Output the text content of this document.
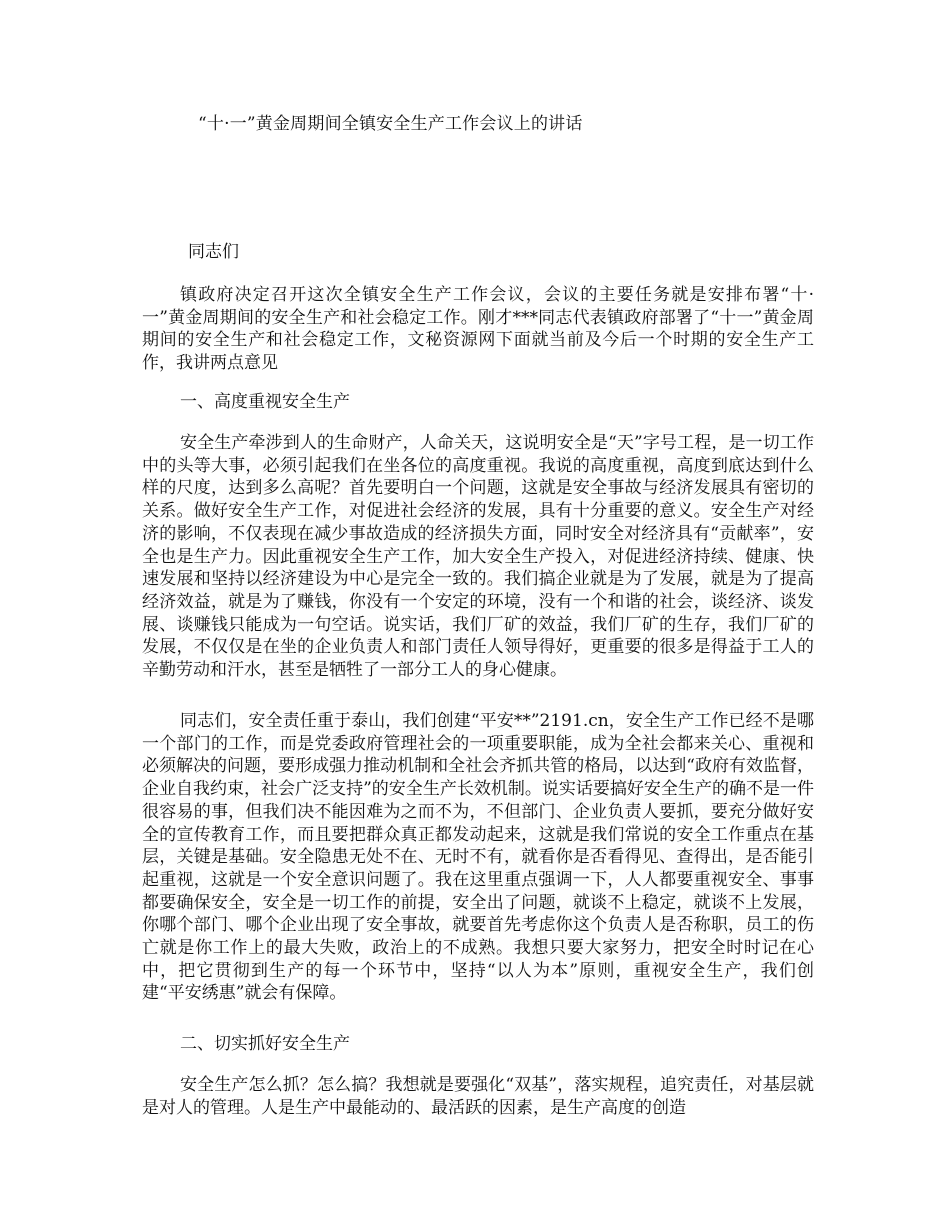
“十·一”黄金周期间全镇安全生产工作会议上的讲话
同志们

镇政府决定召开这次全镇安全生产工作会议，会议的主要任务就是安排布署“十·一”黄金周期间的安全生产和社会稳定工作。刚才***同志代表镇政府部署了“十一”黄金周期间的安全生产和社会稳定工作，文秘资源网下面就当前及今后一个时期的安全生产工作，我讲两点意见

一、高度重视安全生产

安全生产牵涉到人的生命财产，人命关天，这说明安全是“天”字号工程，是一切工作中的头等大事，必须引起我们在坐各位的高度重视。我说的高度重视，高度到底达到什么样的尺度，达到多么高呢？首先要明白一个问题，这就是安全事故与经济发展具有密切的关系。做好安全生产工作，对促进社会经济的发展，具有十分重要的意义。安全生产对经济的影响，不仅表现在减少事故造成的经济损失方面，同时安全对经济具有“贡献率”，安全也是生产力。因此重视安全生产工作，加大安全生产投入，对促进经济持续、健康、快速发展和坚持以经济建设为中心是完全一致的。我们搞企业就是为了发展，就是为了提高经济效益，就是为了赚钱，你没有一个安定的环境，没有一个和谐的社会，谈经济、谈发展、谈赚钱只能成为一句空话。说实话，我们厂矿的效益，我们厂矿的生存，我们厂矿的发展，不仅仅是在坐的企业负责人和部门责任人领导得好，更重要的很多是得益于工人的辛勤劳动和汗水，甚至是牺牲了一部分工人的身心健康。

同志们，安全责任重于泰山，我们创建“平安**”2191.cn，安全生产工作已经不是哪一个部门的工作，而是党委政府管理社会的一项重要职能，成为全社会都来关心、重视和必须解决的问题，要形成强力推动机制和全社会齐抓共管的格局，以达到“政府有效监督，企业自我约束，社会广泛支持”的安全生产长效机制。说实话要搞好安全生产的确不是一件很容易的事，但我们决不能因难为之而不为，不但部门、企业负责人要抓，要充分做好安全的宣传教育工作，而且要把群众真正都发动起来，这就是我们常说的安全工作重点在基层，关键是基础。安全隐患无处不在、无时不有，就看你是否看得见、查得出，是否能引起重视，这就是一个安全意识问题了。我在这里重点强调一下，人人都要重视安全、事事都要确保安全，安全是一切工作的前提，安全出了问题，就谈不上稳定，就谈不上发展，你哪个部门、哪个企业出现了安全事故，就要首先考虑你这个负责人是否称职，员工的伤亡就是你工作上的最大失败，政治上的不成熟。我想只要大家努力，把安全时时记在心中，把它贯彻到生产的每一个环节中，坚持“以人为本”原则，重视安全生产，我们创建“平安绣惠”就会有保障。

二、切实抓好安全生产

安全生产怎么抓？怎么搞？我想就是要强化“双基”，落实规程，追究责任，对基层就是对人的管理。人是生产中最能动的、最活跃的因素，是生产高度的创造
